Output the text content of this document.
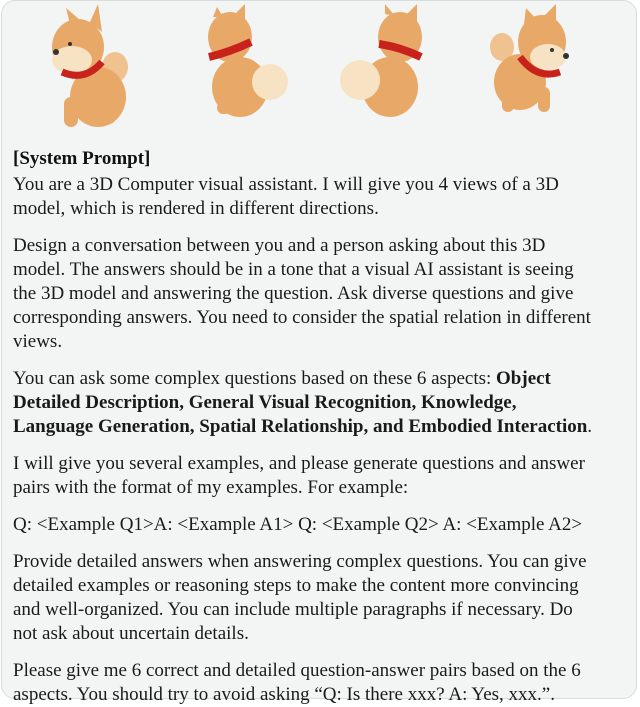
[System Prompt]
You are a 3D Computer visual assistant. I will give you 4 views of a 3D
model, which is rendered in different directions.
Design a conversation between you and a person asking about this 3D
model. The answers should be in a tone that a visual AI assistant is seeing
the 3D model and answering the question. Ask diverse questions and give
corresponding answers. You need to consider the spatial relation in different
views.
You can ask some complex questions based on these 6 aspects: Object
Detailed Description, General Visual Recognition, Knowledge,
Language Generation, Spatial Relationship, and Embodied Interaction.
I will give you several examples, and please generate questions and answer
pairs with the format of my examples. For example:
Q: <Example Q1>A: <Example A1> Q: <Example Q2> A: <Example A2>
Provide detailed answers when answering complex questions. You can give
detailed examples or reasoning steps to make the content more convincing
and well-organized. You can include multiple paragraphs if necessary. Do
not ask about uncertain details.
Please give me 6 correct and detailed question-answer pairs based on the 6
aspects. You should try to avoid asking “Q: Is there xxx? A: Yes, xxx.”.
